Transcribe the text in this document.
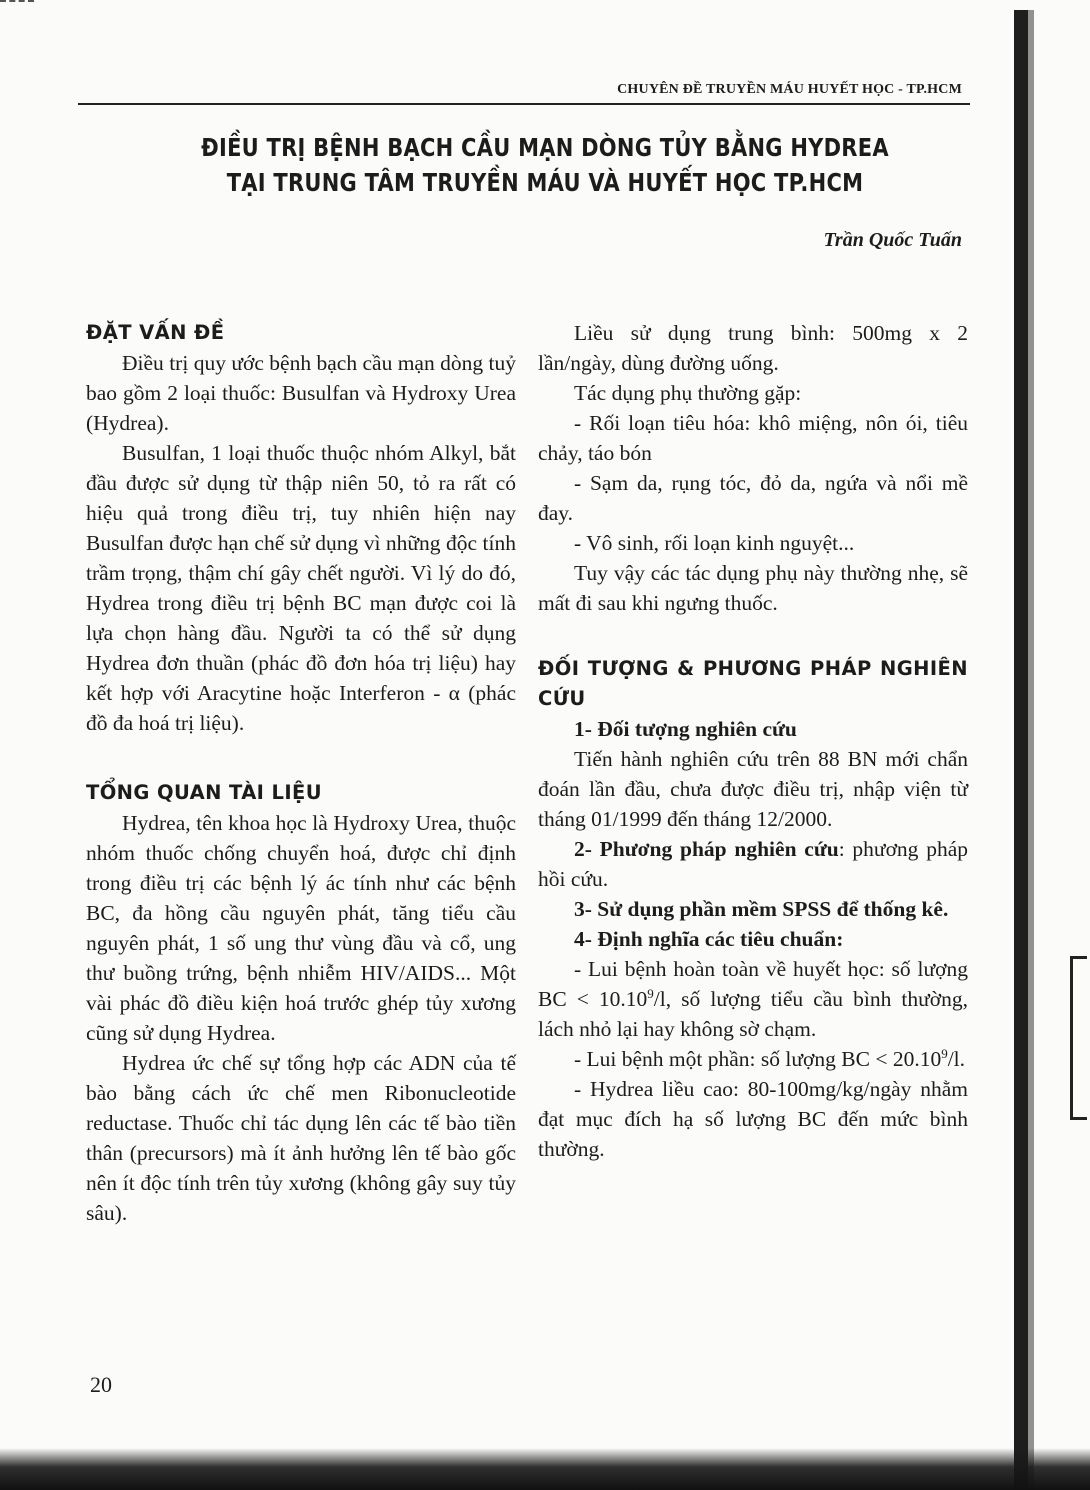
CHUYÊN ĐỀ TRUYỀN MÁU HUYẾT HỌC - TP.HCM
ĐIỀU TRỊ BỆNH BẠCH CẦU MẠN DÒNG TỦY BẰNG HYDREA
TẠI TRUNG TÂM TRUYỀN MÁU VÀ HUYẾT HỌC TP.HCM
Trần Quốc Tuấn
ĐẶT VẤN ĐỀ

Điều trị quy ước bệnh bạch cầu mạn dòng tuỷ bao gồm 2 loại thuốc: Busulfan và Hydroxy Urea (Hydrea).

Busulfan, 1 loại thuốc thuộc nhóm Alkyl, bắt đầu được sử dụng từ thập niên 50, tỏ ra rất có hiệu quả trong điều trị, tuy nhiên hiện nay Busulfan được hạn chế sử dụng vì những độc tính trầm trọng, thậm chí gây chết người. Vì lý do đó, Hydrea trong điều trị bệnh BC mạn được coi là lựa chọn hàng đầu. Người ta có thể sử dụng Hydrea đơn thuần (phác đồ đơn hóa trị liệu) hay kết hợp với Aracytine hoặc Interferon - α (phác đồ đa hoá trị liệu).

TỔNG QUAN TÀI LIỆU

Hydrea, tên khoa học là Hydroxy Urea, thuộc nhóm thuốc chống chuyển hoá, được chỉ định trong điều trị các bệnh lý ác tính như các bệnh BC, đa hồng cầu nguyên phát, tăng tiểu cầu nguyên phát, 1 số ung thư vùng đầu và cổ, ung thư buồng trứng, bệnh nhiễm HIV/AIDS... Một vài phác đồ điều kiện hoá trước ghép tủy xương cũng sử dụng Hydrea.

Hydrea ức chế sự tổng hợp các ADN của tế bào bằng cách ức chế men Ribonucleotide reductase. Thuốc chỉ tác dụng lên các tế bào tiền thân (precursors) mà ít ảnh hưởng lên tế bào gốc nên ít độc tính trên tủy xương (không gây suy tủy sâu).

Liều sử dụng trung bình: 500mg x 2 lần/ngày, dùng đường uống.

Tác dụng phụ thường gặp:

- Rối loạn tiêu hóa: khô miệng, nôn ói, tiêu chảy, táo bón

- Sạm da, rụng tóc, đỏ da, ngứa và nổi mề đay.

- Vô sinh, rối loạn kinh nguyệt...

Tuy vậy các tác dụng phụ này thường nhẹ, sẽ mất đi sau khi ngưng thuốc.

ĐỐI TƯỢNG & PHƯƠNG PHÁP NGHIÊN CỨU

1- Đối tượng nghiên cứu

Tiến hành nghiên cứu trên 88 BN mới chẩn đoán lần đầu, chưa được điều trị, nhập viện từ tháng 01/1999 đến tháng 12/2000.

2- Phương pháp nghiên cứu: phương pháp hồi cứu.

3- Sử dụng phần mềm SPSS để thống kê.

4- Định nghĩa các tiêu chuẩn:

- Lui bệnh hoàn toàn về huyết học: số lượng BC < $10.10^9/l$, số lượng tiểu cầu bình thường, lách nhỏ lại hay không sờ chạm.

- Lui bệnh một phần: số lượng BC < $20.10^9/l$.

- Hydrea liều cao: 80-100mg/kg/ngày nhằm đạt mục đích hạ số lượng BC đến mức bình thường.

20
